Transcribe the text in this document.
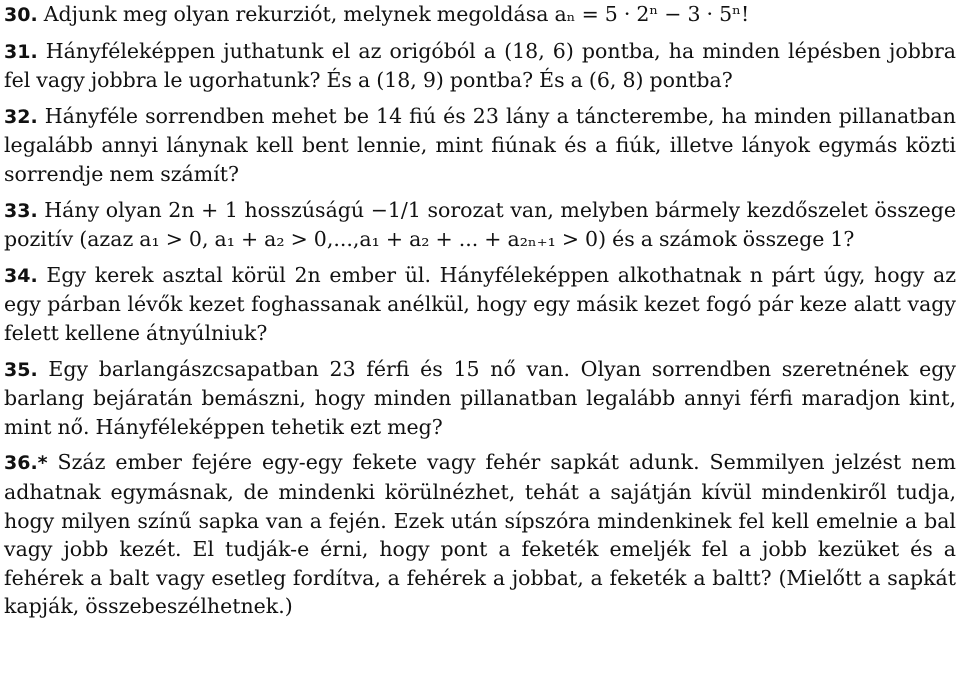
30. Adjunk meg olyan rekurziót, melynek megoldása aₙ = 5 · 2ⁿ − 3 · 5ⁿ!

31. Hányféleképpen juthatunk el az origóból a (18, 6) pontba, ha minden lépésben jobbra fel vagy jobbra le ugorhatunk? És a (18, 9) pontba? És a (6, 8) pontba?

32. Hányféle sorrendben mehet be 14 fiú és 23 lány a táncterembe, ha minden pillanatban legalább annyi lánynak kell bent lennie, mint fiúnak és a fiúk, illetve lányok egymás közti sorrendje nem számít?

33. Hány olyan 2n + 1 hosszúságú −1/1 sorozat van, melyben bármely kezdőszelet összege pozitív (azaz a₁ > 0, a₁ + a₂ > 0,...,a₁ + a₂ + ... + a₂ₙ₊₁ > 0) és a számok összege 1?

34. Egy kerek asztal körül 2n ember ül. Hányféleképpen alkothatnak n párt úgy, hogy az egy párban lévők kezet foghassanak anélkül, hogy egy másik kezet fogó pár keze alatt vagy felett kellene átnyúlniuk?

35. Egy barlangászcsapatban 23 férfi és 15 nő van. Olyan sorrendben szeretnének egy barlang bejáratán bemászni, hogy minden pillanatban legalább annyi férfi maradjon kint, mint nő. Hányféleképpen tehetik ezt meg?

36.* Száz ember fejére egy-egy fekete vagy fehér sapkát adunk. Semmilyen jelzést nem adhatnak egymásnak, de mindenki körülnézhet, tehát a sajátján kívül mindenkiről tudja, hogy milyen színű sapka van a fején. Ezek után sípszóra mindenkinek fel kell emelnie a bal vagy jobb kezét. El tudják-e érni, hogy pont a feketék emeljék fel a jobb kezüket és a fehérek a balt vagy esetleg fordítva, a fehérek a jobbat, a feketék a baltt? (Mielőtt a sapkát kapják, összebeszélhetnek.)
